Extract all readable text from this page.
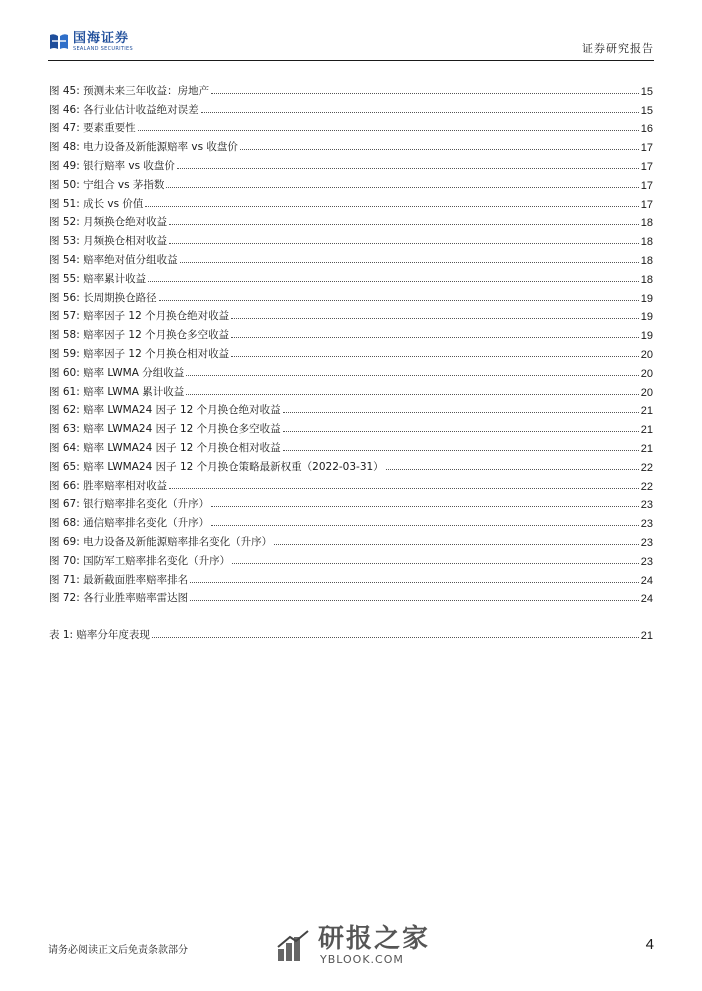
国海证券
SEALAND SECURITIES	证券研究报告
图 45: 预测未来三年收益：房地产	15
图 46: 各行业估计收益绝对误差	15
图 47: 要素重要性	16
图 48: 电力设备及新能源赔率 vs 收盘价	17
图 49: 银行赔率 vs 收盘价	17
图 50: 宁组合 vs 茅指数	17
图 51: 成长 vs 价值	17
图 52: 月频换仓绝对收益	18
图 53: 月频换仓相对收益	18
图 54: 赔率绝对值分组收益	18
图 55: 赔率累计收益	18
图 56: 长周期换仓路径	19
图 57: 赔率因子 12 个月换仓绝对收益	19
图 58: 赔率因子 12 个月换仓多空收益	19
图 59: 赔率因子 12 个月换仓相对收益	20
图 60: 赔率 LWMA 分组收益	20
图 61: 赔率 LWMA 累计收益	20
图 62: 赔率 LWMA24 因子 12 个月换仓绝对收益	21
图 63: 赔率 LWMA24 因子 12 个月换仓多空收益	21
图 64: 赔率 LWMA24 因子 12 个月换仓相对收益	21
图 65: 赔率 LWMA24 因子 12 个月换仓策略最新权重（2022-03-31）	22
图 66: 胜率赔率相对收益	22
图 67: 银行赔率排名变化（升序）	23
图 68: 通信赔率排名变化（升序）	23
图 69: 电力设备及新能源赔率排名变化（升序）	23
图 70: 国防军工赔率排名变化（升序）	23
图 71: 最新截面胜率赔率排名	24
图 72: 各行业胜率赔率雷达图	24
表 1: 赔率分年度表现	21
请务必阅读正文后免责条款部分	研报之家
YBLOOK.COM
4
